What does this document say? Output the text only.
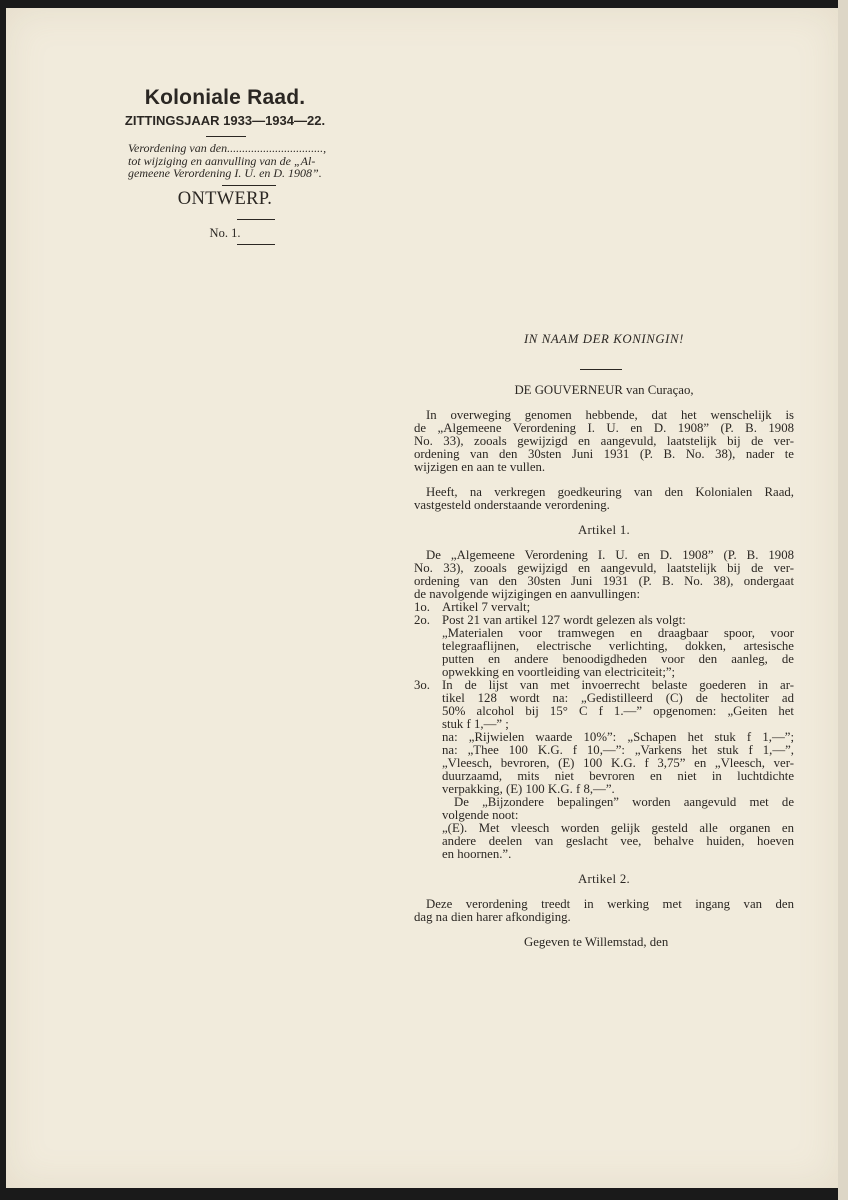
Koloniale Raad.
ZITTINGSJAAR 1933—1934—22.
Verordening van den................................,
tot wijziging en aanvulling van de „Al-
gemeene Verordening I. U. en D. 1908”.
ONTWERP.
No. 1.
IN NAAM DER KONINGIN!
DE GOUVERNEUR van Curaçao,
In overweging genomen hebbende, dat het wenschelijk is
de „Algemeene Verordening I. U. en D. 1908” (P. B. 1908
No. 33), zooals gewijzigd en aangevuld, laatstelijk bij de ver-
ordening van den 30sten Juni 1931 (P. B. No. 38), nader te
wijzigen en aan te vullen.
Heeft, na verkregen goedkeuring van den Kolonialen Raad,
vastgesteld onderstaande verordening.
Artikel 1.
De „Algemeene Verordening I. U. en D. 1908” (P. B. 1908
No. 33), zooals gewijzigd en aangevuld, laatstelijk bij de ver-
ordening van den 30sten Juni 1931 (P. B. No. 38), ondergaat
de navolgende wijzigingen en aanvullingen:
1o. Artikel 7 vervalt;
2o. Post 21 van artikel 127 wordt gelezen als volgt:
„Materialen voor tramwegen en draagbaar spoor, voor
telegraaflijnen, electrische verlichting, dokken, artesische
putten en andere benoodigdheden voor den aanleg, de
opwekking en voortleiding van electriciteit;”;
3o. In de lijst van met invoerrecht belaste goederen in ar-
tikel 128 wordt na: „Gedistilleerd (C) de hectoliter ad
50% alcohol bij 15° C f 1.—” opgenomen: „Geiten het
stuk f 1,—” ;
na: „Rijwielen waarde 10%”: „Schapen het stuk f 1,—”;
na: „Thee 100 K.G. f 10,—”: „Varkens het stuk f 1,—”,
„Vleesch, bevroren, (E) 100 K.G. f 3,75” en „Vleesch, ver-
duurzaamd, mits niet bevroren en niet in luchtdichte
verpakking, (E) 100 K.G. f 8,—”.
De „Bijzondere bepalingen” worden aangevuld met de
volgende noot:
„(E). Met vleesch worden gelijk gesteld alle organen en
andere deelen van geslacht vee, behalve huiden, hoeven
en hoornen.”.
Artikel 2.
Deze verordening treedt in werking met ingang van den
dag na dien harer afkondiging.
Gegeven te Willemstad, den
